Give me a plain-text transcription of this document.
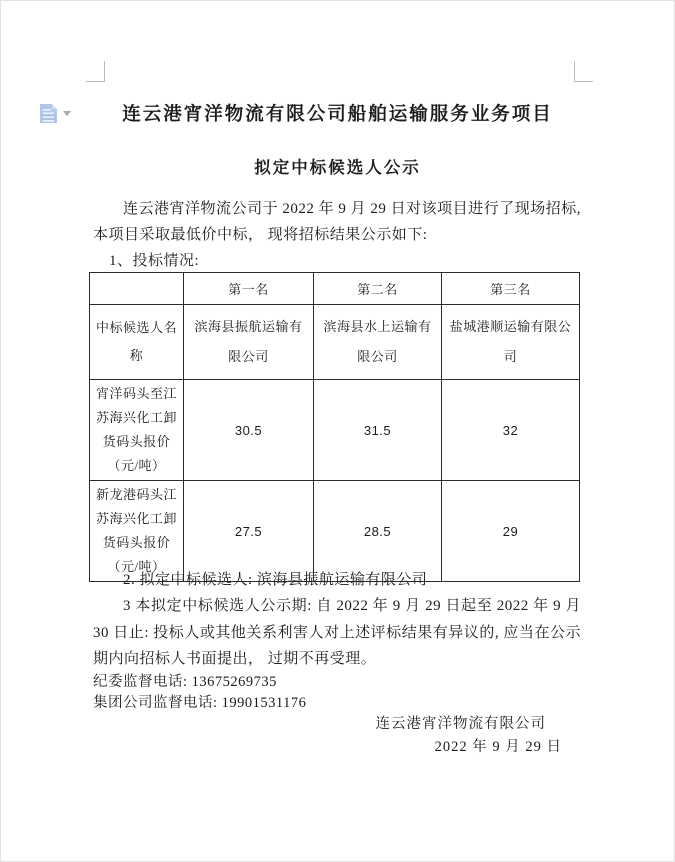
连云港宵洋物流有限公司船舶运输服务业务项目
拟定中标候选人公示
连云港宵洋物流公司于 2022 年 9 月 29 日对该项目进行了现场招标, 本项目采取最低价中标， 现将招标结果公示如下:
1、投标情况:
	第一名	第二名	第三名
中标候选人名称	滨海县振航运输有限公司	滨海县水上运输有限公司	盐城港顺运输有限公司
宵洋码头至江苏海兴化工卸货码头报价（元/吨）	30.5	31.5	32
新龙港码头江苏海兴化工卸货码头报价（元/吨）	27.5	28.5	29
2. 拟定中标候选人: 滨海县振航运输有限公司
3 本拟定中标候选人公示期: 自 2022 年 9 月 29 日起至 2022 年 9 月 30 日止: 投标人或其他关系利害人对上述评标结果有异议的, 应当在公示期内向招标人书面提出， 过期不再受理。
纪委监督电话: 13675269735
集团公司监督电话: 19901531176
连云港宵洋物流有限公司
2022 年 9 月 29 日
